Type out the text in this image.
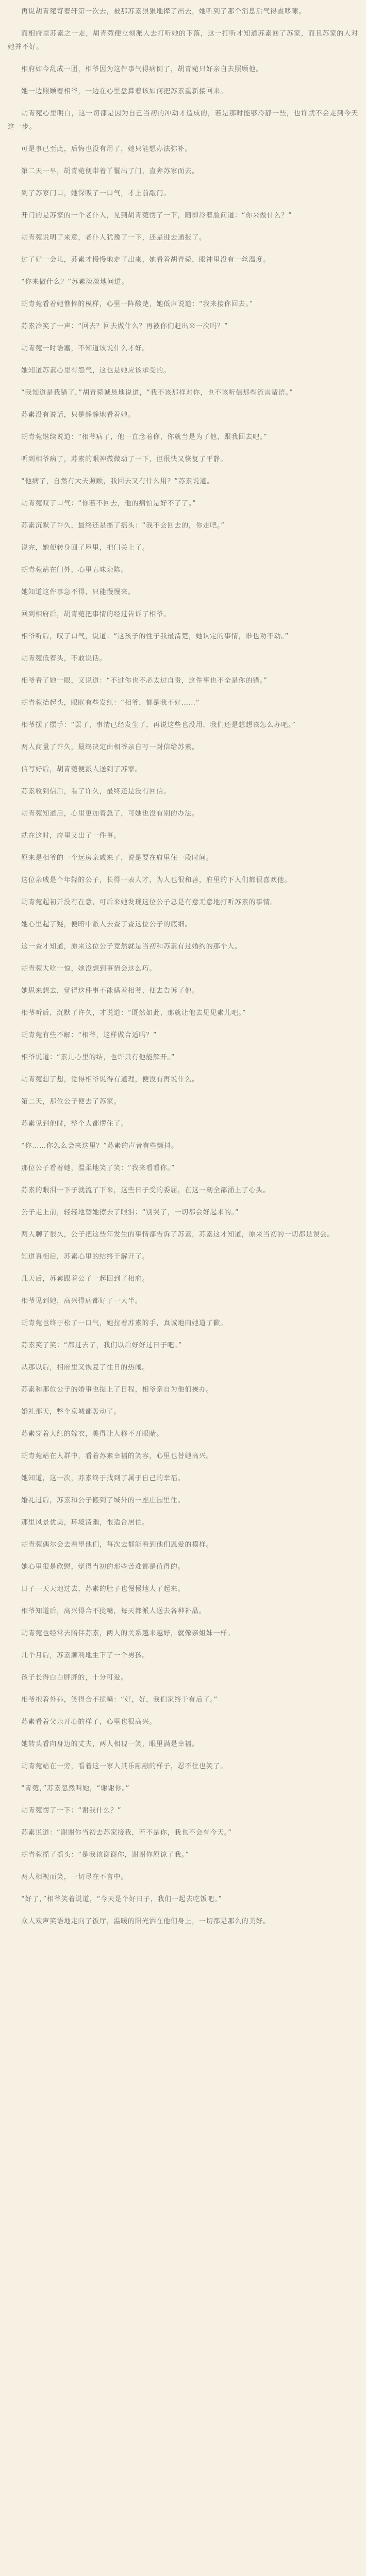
再说胡青菀寄着轩第一次去，被那苏素狠狠地撵了出去，她听到了那个消息后气得直哆嗦。

而相府里苏素之一走，胡青菀便立刻派人去打听她的下落，这一打听才知道苏素回了苏家，而且苏家的人对她并不好。

相府如今乱成一团，相爷因为这件事气得病倒了，胡青菀只好亲自去照顾他。

她一边照顾着相爷，一边在心里盘算着该如何把苏素重新接回来。

胡青菀心里明白，这一切都是因为自己当初的冲动才造成的，若是那时能够冷静一些，也许就不会走到今天这一步。

可是事已至此，后悔也没有用了，她只能想办法弥补。

第二天一早，胡青菀便带着丫鬟出了门，直奔苏家而去。

到了苏家门口，她深吸了一口气，才上前敲门。

开门的是苏家的一个老仆人，见到胡青菀愣了一下，随即冷着脸问道：“你来做什么？”

胡青菀说明了来意，老仆人犹豫了一下，还是进去通报了。

过了好一会儿，苏素才慢慢地走了出来，她看着胡青菀，眼神里没有一丝温度。

“你来做什么？”苏素淡淡地问道。

胡青菀看着她憔悴的模样，心里一阵酸楚，她低声说道：“我来接你回去。”

苏素冷笑了一声：“回去？回去做什么？再被你们赶出来一次吗？”

胡青菀一时语塞，不知道该说什么才好。

她知道苏素心里有怨气，这也是她应该承受的。

“我知道是我错了，”胡青菀诚恳地说道，“我不该那样对你，也不该听信那些流言蜚语。”

苏素没有说话，只是静静地看着她。

胡青菀继续说道：“相爷病了，他一直念着你，你就当是为了他，跟我回去吧。”

听到相爷病了，苏素的眼神微微动了一下，但很快又恢复了平静。

“他病了，自然有大夫照顾，我回去又有什么用？”苏素说道。

胡青菀叹了口气：“你若不回去，他的病怕是好不了了。”

苏素沉默了许久，最终还是摇了摇头：“我不会回去的，你走吧。”

说完，她便转身回了屋里，把门关上了。

胡青菀站在门外，心里五味杂陈。

她知道这件事急不得，只能慢慢来。

回到相府后，胡青菀把事情的经过告诉了相爷。

相爷听后，叹了口气，说道：“这孩子的性子我最清楚，她认定的事情，谁也劝不动。”

胡青菀低着头，不敢说话。

相爷看了她一眼，又说道：“不过你也不必太过自责，这件事也不全是你的错。”

胡青菀抬起头，眼眶有些发红：“相爷，都是我不好……”

相爷摆了摆手：“罢了，事情已经发生了，再说这些也没用，我们还是想想该怎么办吧。”

两人商量了许久，最终决定由相爷亲自写一封信给苏素。

信写好后，胡青菀便派人送到了苏家。

苏素收到信后，看了许久，最终还是没有回信。

胡青菀知道后，心里更加着急了，可她也没有别的办法。

就在这时，府里又出了一件事。

原来是相爷的一个远房亲戚来了，说是要在府里住一段时间。

这位亲戚是个年轻的公子，长得一表人才，为人也很和善，府里的下人们都很喜欢他。

胡青菀起初并没有在意，可后来她发现这位公子总是有意无意地打听苏素的事情。

她心里起了疑，便暗中派人去查了查这位公子的底细。

这一查才知道，原来这位公子竟然就是当初和苏素有过婚约的那个人。

胡青菀大吃一惊，她没想到事情会这么巧。

她思来想去，觉得这件事不能瞒着相爷，便去告诉了他。

相爷听后，沉默了许久，才说道：“既然如此，那就让他去见见素儿吧。”

胡青菀有些不解：“相爷，这样做合适吗？”

相爷说道：“素儿心里的结，也许只有他能解开。”

胡青菀想了想，觉得相爷说得有道理，便没有再说什么。

第二天，那位公子便去了苏家。

苏素见到他时，整个人都愣住了。

“你……你怎么会来这里？”苏素的声音有些颤抖。

那位公子看着她，温柔地笑了笑：“我来看看你。”

苏素的眼泪一下子就流了下来，这些日子受的委屈，在这一刻全部涌上了心头。

公子走上前，轻轻地替她擦去了眼泪：“别哭了，一切都会好起来的。”

两人聊了很久，公子把这些年发生的事情都告诉了苏素，苏素这才知道，原来当初的一切都是误会。

知道真相后，苏素心里的结终于解开了。

几天后，苏素跟着公子一起回到了相府。

相爷见到她，高兴得病都好了一大半。

胡青菀也终于松了一口气，她拉着苏素的手，真诚地向她道了歉。

苏素笑了笑：“都过去了，我们以后好好过日子吧。”

从那以后，相府里又恢复了往日的热闹。

苏素和那位公子的婚事也提上了日程，相爷亲自为他们操办。

婚礼那天，整个京城都轰动了。

苏素穿着大红的嫁衣，美得让人移不开眼睛。

胡青菀站在人群中，看着苏素幸福的笑容，心里也替她高兴。

她知道，这一次，苏素终于找到了属于自己的幸福。

婚礼过后，苏素和公子搬到了城外的一座庄园里住。

那里风景优美，环境清幽，很适合居住。

胡青菀偶尔会去看望他们，每次去都能看到他们恩爱的模样。

她心里很是欣慰，觉得当初的那些苦难都是值得的。

日子一天天地过去，苏素的肚子也慢慢地大了起来。

相爷知道后，高兴得合不拢嘴，每天都派人送去各种补品。

胡青菀也经常去陪伴苏素，两人的关系越来越好，就像亲姐妹一样。

几个月后，苏素顺利地生下了一个男孩。

孩子长得白白胖胖的，十分可爱。

相爷抱着外孙，笑得合不拢嘴：“好，好，我们家终于有后了。”

苏素看着父亲开心的样子，心里也很高兴。

她转头看向身边的丈夫，两人相视一笑，眼里满是幸福。

胡青菀站在一旁，看着这一家人其乐融融的样子，忍不住也笑了。

“青菀，”苏素忽然叫她，“谢谢你。”

胡青菀愣了一下：“谢我什么？”

苏素说道：“谢谢你当初去苏家接我，若不是你，我也不会有今天。”

胡青菀摇了摇头：“是我该谢谢你，谢谢你原谅了我。”

两人相视而笑，一切尽在不言中。

“好了，”相爷笑着说道，“今天是个好日子，我们一起去吃饭吧。”

众人欢声笑语地走向了饭厅，温暖的阳光洒在他们身上，一切都是那么的美好。
